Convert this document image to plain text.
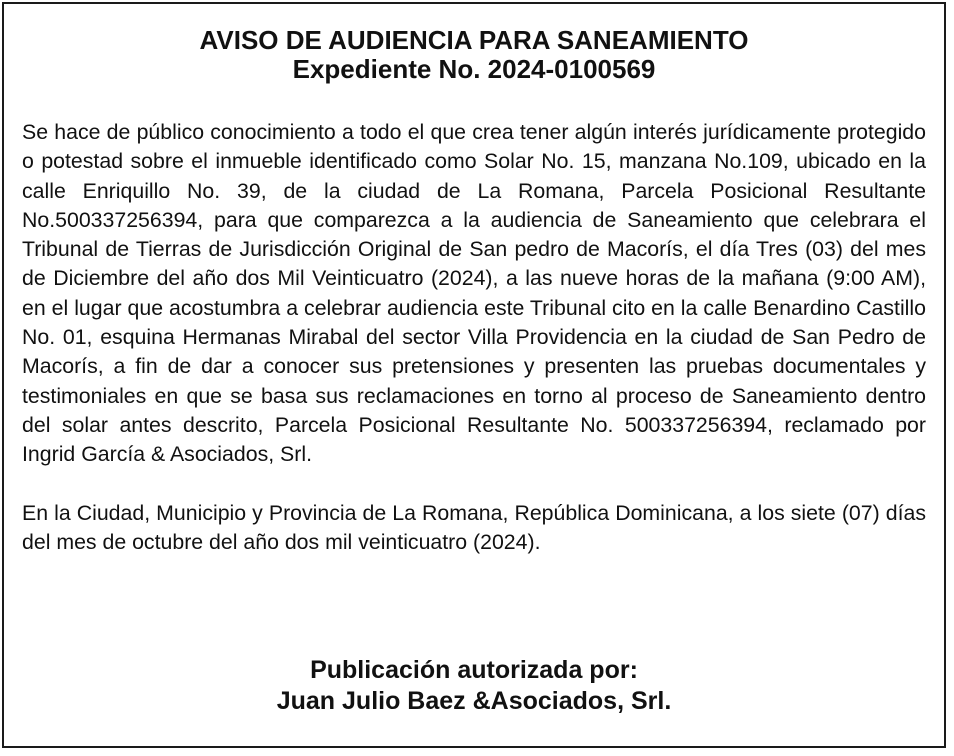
AVISO DE AUDIENCIA PARA SANEAMIENTO

Expediente No. 2024-0100569

Se hace de público conocimiento a todo el que crea tener algún interés jurídicamente protegido o potestad sobre el inmueble identificado como Solar No. 15, manzana No.109, ubicado en la calle Enriquillo No. 39, de la ciudad de La Romana, Parcela Posicional Resultante No.500337256394, para que comparezca a la audiencia de Saneamiento que celebrara el Tribunal de Tierras de Jurisdicción Original de San pedro de Macorís, el día Tres (03) del mes de Diciembre del año dos Mil Veinticuatro (2024), a las nueve horas de la mañana (9:00 AM), en el lugar que acostumbra a celebrar audiencia este Tribunal cito en la calle Benardino Castillo No. 01, esquina Hermanas Mirabal del sector Villa Providencia en la ciudad de San Pedro de Macorís, a fin de dar a conocer sus pretensiones y presenten las pruebas documentales y testimoniales en que se basa sus reclamaciones en torno al proceso de Saneamiento dentro del solar antes descrito, Parcela Posicional Resultante No. 500337256394, reclamado por Ingrid García & Asociados, Srl.

En la Ciudad, Municipio y Provincia de La Romana, República Dominicana, a los siete (07) días del mes de octubre del año dos mil veinticuatro (2024).

Publicación autorizada por:

Juan Julio Baez &Asociados, Srl.
